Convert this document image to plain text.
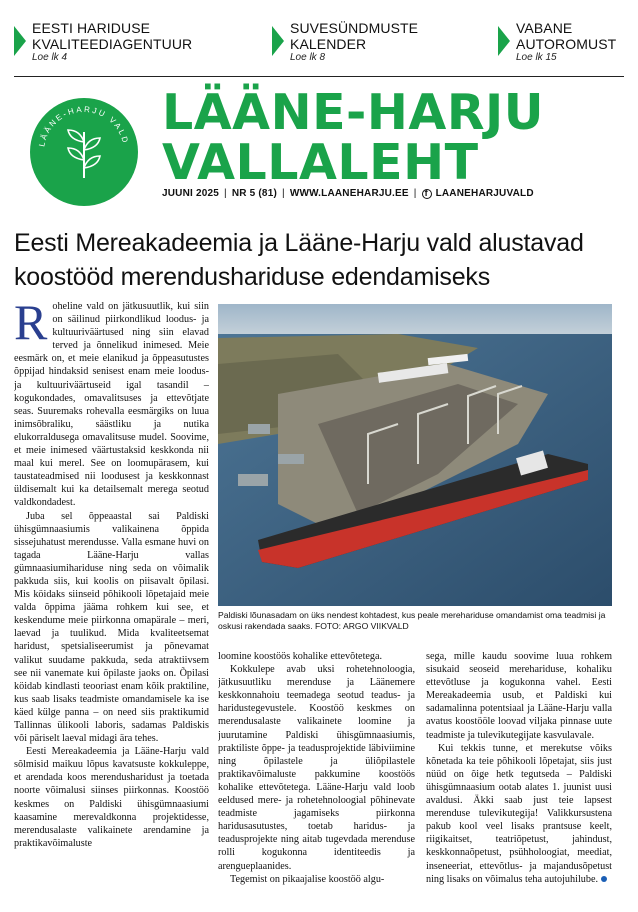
EESTI HARIDUSE
KVALITEEDIAGENTUUR
Loe lk 4
SUVESÜNDMUSTE
KALENDER
Loe lk 8
VABANE
AUTOROMUST
Loe lk 15
LÄÄNE-HARJU VALD LÄÄNE-HARJU
VALLALEHT
JUUNI 2025 | NR 5 (81) | WWW.LAANEHARJU.EE |
f LAANEHARJUVALD
Eesti Mereakadeemia ja Lääne-Harju vald alustavad koostööd merendushariduse edendamiseks

Roheline vald on jätkusuutlik, kui siin on säilinud piirkondlikud loodus- ja kultuuriväärtused ning siin elavad terved ja õnnelikud inimesed. Meie eesmärk on, et meie elanikud ja õppeasutustes õppijad hindaksid senisest enam meie loodus- ja kultuuriväärtuseid igal tasandil – kogukondades, omavalitsuses ja ettevõtjate seas. Suuremaks rohevalla eesmärgiks on luua inimsõbraliku, säästliku ja nutika elukorraldusega omavalitsuse mudel. Soovime, et meie inimesed väärtustaksid keskkonda nii maal kui merel. See on loomupärasem, kui taustateadmised nii loodusest ja keskkonnast üldisemalt kui ka detailsemalt merega seotud valdkondadest.

Juba sel õppeaastal sai Paldiski ühisgümnaasiumis valikainena õppida sissejuhatust merendusse. Valla esmane huvi on tagada Lääne-Harju vallas gümnaasiumihariduse ning seda on võimalik pakkuda siis, kui koolis on piisavalt õpilasi. Mis köidaks siinseid põhikooli lõpetajaid meie valda õppima jääma rohkem kui see, et keskendume meie piirkonna omapärale – meri, laevad ja tuulikud. Mida kvaliteetsemat haridust, spetsialiseerumist ja põnevamat valikut suudame pakkuda, seda atraktiivsem see nii vanemate kui õpilaste jaoks on. Õpilasi köidab kindlasti teooriast enam kõik praktiline, kus saab lisaks teadmiste omandamisele ka ise käed külge panna – on need siis praktikumid Tallinnas ülikooli laboris, sadamas Paldiskis või päriselt laeval midagi ära tehes.

Eesti Mereakadeemia ja Lääne-Harju vald sõlmisid maikuu lõpus kavatsuste kokkuleppe, et arendada koos merendusharidust ja toetada noorte võimalusi siinses piirkonnas. Koostöö keskmes on Paldiski ühisgümnaasiumi kaasamine merevaldkonna projektidesse, merendusalaste valikainete arendamine ja praktikavõimaluste

Paldiski lõunasadam on üks nendest kohtadest, kus peale merehariduse omandamist oma teadmisi ja oskusi rakendada saaks. FOTO: ARGO VIIKVALD

loomine koostöös kohalike ettevõtetega.

Kokkulepe avab uksi rohetehnoloogia, jätkusuutliku merenduse ja Läänemere keskkonnahoiu teemadega seotud teadus- ja haridustegevustele. Koostöö keskmes on merendusalaste valikainete loomine ja juurutamine Paldiski ühisgümnaasiumis, praktiliste õppe- ja teadusprojektide läbiviimine ning õpilastele ja üliõpilastele praktikavõimaluste pakkumine koostöös kohalike ettevõtetega. Lääne-Harju vald loob eeldused mere- ja rohetehnoloogial põhinevate teadmiste jagamiseks piirkonna haridusasutustes, toetab haridus- ja teadusprojekte ning aitab tugevdada merenduse rolli kogukonna identiteedis ja arengueplaanides.

Tegemist on pikaajalise koostöö algu-

sega, mille kaudu soovime luua rohkem sisukaid seoseid merehariduse, kohaliku ettevõtluse ja kogukonna vahel. Eesti Mereakadeemia usub, et Paldiski kui sadamalinna potentsiaal ja Lääne-Harju valla avatus koostööle loovad viljaka pinnase uute teadmiste ja tulevikutegijate kasvulavale.

Kui tekkis tunne, et merekutse võiks kõnetada ka teie põhikooli lõpetajat, siis just nüüd on õige hetk tegutseda – Paldiski ühisgümnaasium ootab alates 1. juunist uusi avaldusi. Äkki saab just teie lapsest merenduse tulevikutegija! Valikkursustena pakub kool veel lisaks prantsuse keelt, riigikaitset, teatriõpetust, jahindust, keskkonnaõpetust, psühholoogiat, meediat, inseneeriat, ettevõtlus- ja majandusõpetust ning lisaks on võimalus teha autojuhilube.
